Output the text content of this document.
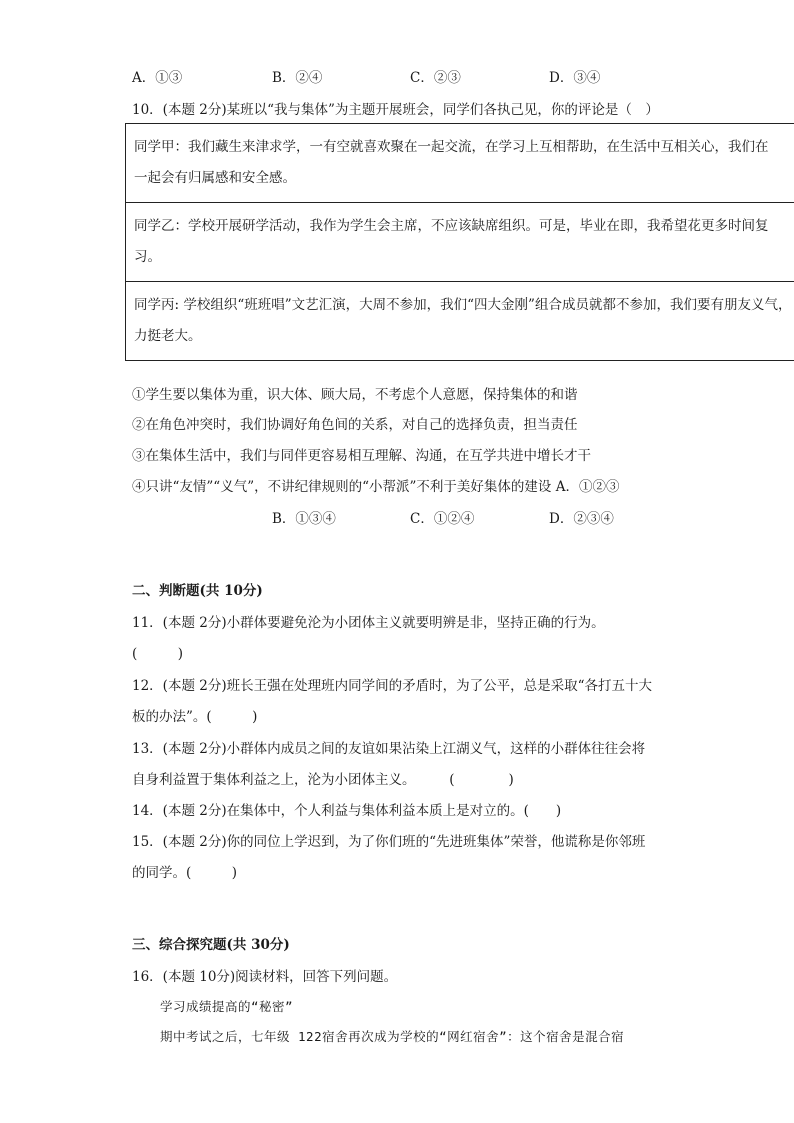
A．①③	B．②④	C．②③	D．③④
10．(本题 2分)某班以“我与集体”为主题开展班会，同学们各执己见，你的评论是（　）
同学甲：我们藏生来津求学，一有空就喜欢聚在一起交流，在学习上互相帮助，在生活中互相关心，我们在
一起会有归属感和安全感。
同学乙：学校开展研学活动，我作为学生会主席，不应该缺席组织。可是，毕业在即，我希望花更多时间复
习。
同学丙: 学校组织“班班唱”文艺汇演，大周不参加，我们“四大金刚”组合成员就都不参加，我们要有朋友义气，
力挺老大。
①学生要以集体为重，识大体、顾大局，不考虑个人意愿，保持集体的和谐
②在角色冲突时，我们协调好角色间的关系，对自己的选择负责，担当责任
③在集体生活中，我们与同伴更容易相互理解、沟通，在互学共进中增长才干
④只讲“友情”“义气”，不讲纪律规则的“小帮派”不利于美好集体的建设 A．①②③
B．①③④	C．①②④	D．②③④
二、判断题(共 10分)
11．(本题 2分)小群体要避免沦为小团体主义就要明辨是非，坚持正确的行为。
(　　　)
12．(本题 2分)班长王强在处理班内同学间的矛盾时，为了公平，总是采取“各打五十大
板的办法”。(　　　)
13．(本题 2分)小群体内成员之间的友谊如果沾染上江湖义气，这样的小群体往往会将
自身利益置于集体利益之上，沦为小团体主义。　　　(　　　　)
14．(本题 2分)在集体中，个人利益与集体利益本质上是对立的。(　　)
15．(本题 2分)你的同位上学迟到，为了你们班的“先进班集体”荣誉，他谎称是你邻班
的同学。(　　　)
三、综合探究题(共 30分)
16．(本题 10分)阅读材料，回答下列问题。
学习成绩提高的“秘密”
期中考试之后，七年级 122宿舍再次成为学校的“网红宿舍”：这个宿舍是混合宿
